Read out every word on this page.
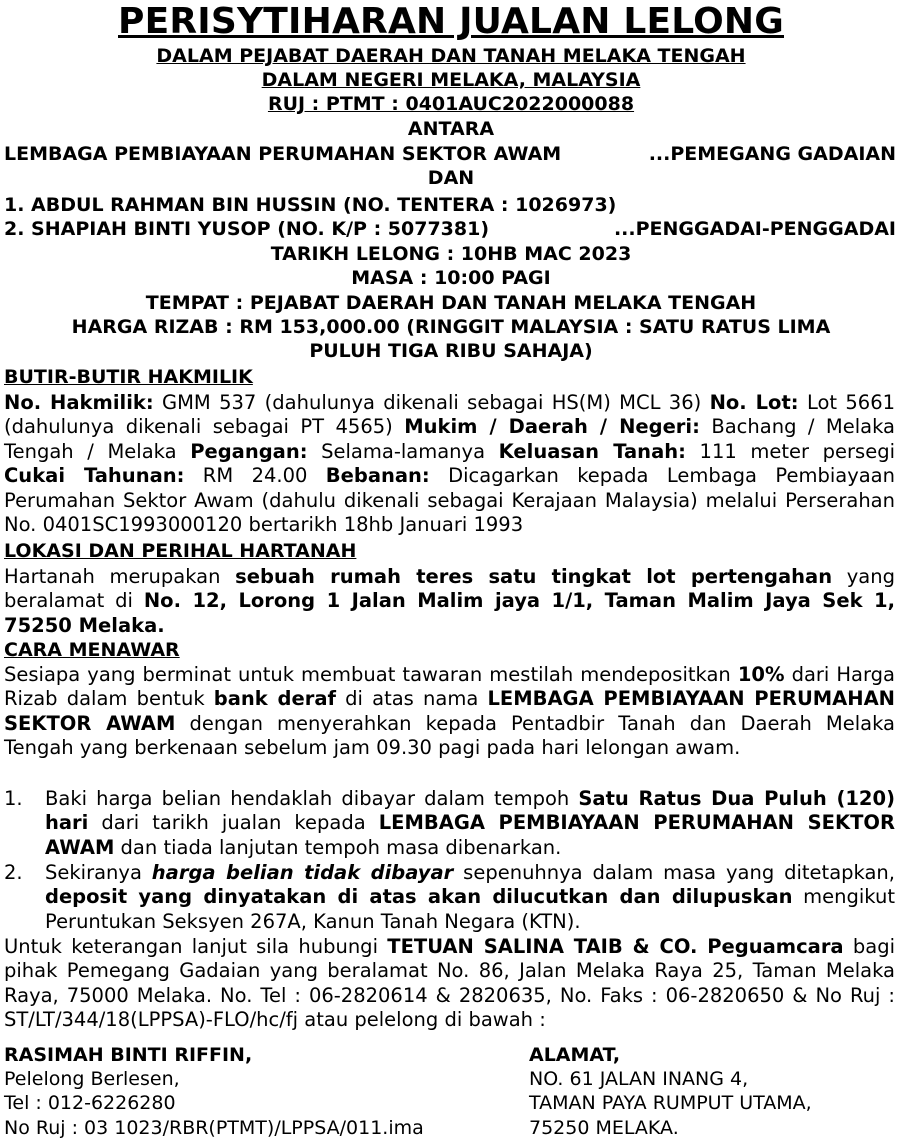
PERISYTIHARAN JUALAN LELONG
DALAM PEJABAT DAERAH DAN TANAH MELAKA TENGAH
DALAM NEGERI MELAKA, MALAYSIA
RUJ : PTMT : 0401AUC2022000088
ANTARA
LEMBAGA PEMBIAYAAN PERUMAHAN SEKTOR AWAM	...PEMEGANG GADAIAN
DAN
1. ABDUL RAHMAN BIN HUSSIN (NO. TENTERA : 1026973)
2. SHAPIAH BINTI YUSOP (NO. K/P : 5077381)	...PENGGADAI-PENGGADAI
TARIKH LELONG : 10HB MAC 2023
MASA : 10:00 PAGI
TEMPAT : PEJABAT DAERAH DAN TANAH MELAKA TENGAH
HARGA RIZAB : RM 153,000.00 (RINGGIT MALAYSIA : SATU RATUS LIMA
PULUH TIGA RIBU SAHAJA)
BUTIR-BUTIR HAKMILIK
No. Hakmilik: GMM 537 (dahulunya dikenali sebagai HS(M) MCL 36) No. Lot: Lot 5661 (dahulunya dikenali sebagai PT 4565) Mukim / Daerah / Negeri: Bachang / Melaka Tengah / Melaka Pegangan: Selama-lamanya Keluasan Tanah: 111 meter persegi Cukai Tahunan: RM 24.00 Bebanan: Dicagarkan kepada Lembaga Pembiayaan Perumahan Sektor Awam (dahulu dikenali sebagai Kerajaan Malaysia) melalui Perserahan No. 0401SC1993000120 bertarikh 18hb Januari 1993
LOKASI DAN PERIHAL HARTANAH
Hartanah merupakan sebuah rumah teres satu tingkat lot pertengahan yang beralamat di No. 12, Lorong 1 Jalan Malim jaya 1/1, Taman Malim Jaya Sek 1, 75250 Melaka.
CARA MENAWAR
Sesiapa yang berminat untuk membuat tawaran mestilah mendepositkan 10% dari Harga Rizab dalam bentuk bank deraf di atas nama LEMBAGA PEMBIAYAAN PERUMAHAN SEKTOR AWAM dengan menyerahkan kepada Pentadbir Tanah dan Daerah Melaka Tengah yang berkenaan sebelum jam 09.30 pagi pada hari lelongan awam.
1. Baki harga belian hendaklah dibayar dalam tempoh Satu Ratus Dua Puluh (120) hari dari tarikh jualan kepada LEMBAGA PEMBIAYAAN PERUMAHAN SEKTOR AWAM dan tiada lanjutan tempoh masa dibenarkan.
2. Sekiranya harga belian tidak dibayar sepenuhnya dalam masa yang ditetapkan, deposit yang dinyatakan di atas akan dilucutkan dan dilupuskan mengikut Peruntukan Seksyen 267A, Kanun Tanah Negara (KTN).
Untuk keterangan lanjut sila hubungi TETUAN SALINA TAIB & CO. Peguamcara bagi pihak Pemegang Gadaian yang beralamat No. 86, Jalan Melaka Raya 25, Taman Melaka Raya, 75000 Melaka. No. Tel : 06-2820614 & 2820635, No. Faks : 06-2820650 & No Ruj : ST/LT/344/18(LPPSA)-FLO/hc/fj atau pelelong di bawah :
RASIMAH BINTI RIFFIN,
Pelelong Berlesen,
Tel : 012-6226280
No Ruj : 03 1023/RBR(PTMT)/LPPSA/011.ima
ALAMAT,
NO. 61 JALAN INANG 4,
TAMAN PAYA RUMPUT UTAMA,
75250 MELAKA.
